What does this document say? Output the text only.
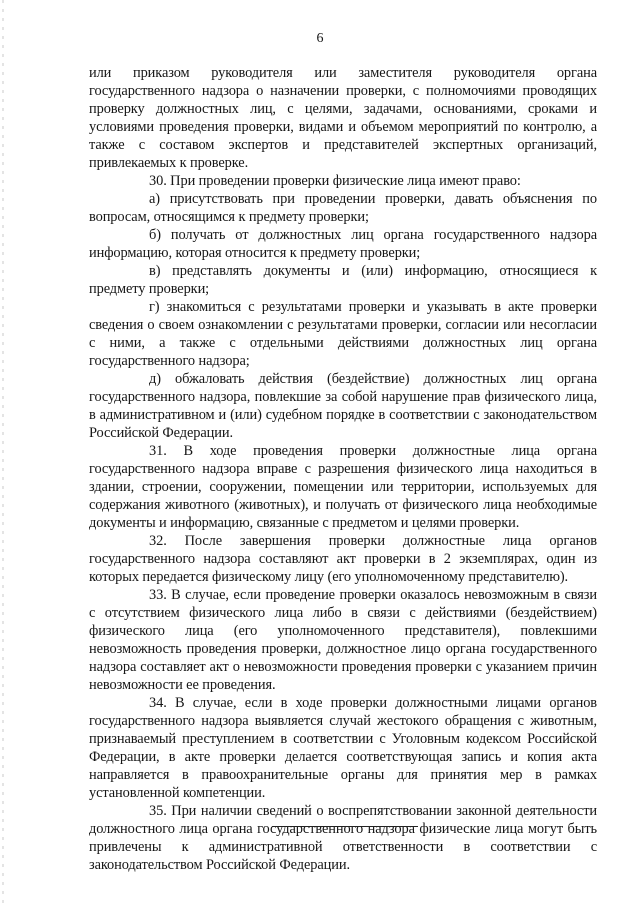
6

или приказом руководителя или заместителя руководителя органа государственного надзора о назначении проверки, с полномочиями проводящих проверку должностных лиц, с целями, задачами, основаниями, сроками и условиями проведения проверки, видами и объемом мероприятий по контролю, а также с составом экспертов и представителей экспертных организаций, привлекаемых к проверке.

30. При проведении проверки физические лица имеют право:

а) присутствовать при проведении проверки, давать объяснения по вопросам, относящимся к предмету проверки;

б) получать от должностных лиц органа государственного надзора информацию, которая относится к предмету проверки;

в) представлять документы и (или) информацию, относящиеся к предмету проверки;

г) знакомиться с результатами проверки и указывать в акте проверки сведения о своем ознакомлении с результатами проверки, согласии или несогласии с ними, а также с отдельными действиями должностных лиц органа государственного надзора;

д) обжаловать действия (бездействие) должностных лиц органа государственного надзора, повлекшие за собой нарушение прав физического лица, в административном и (или) судебном порядке в соответствии с законодательством Российской Федерации.

31. В ходе проведения проверки должностные лица органа государственного надзора вправе с разрешения физического лица находиться в здании, строении, сооружении, помещении или территории, используемых для содержания животного (животных), и получать от физического лица необходимые документы и информацию, связанные с предметом и целями проверки.

32. После завершения проверки должностные лица органов государственного надзора составляют акт проверки в 2 экземплярах, один из которых передается физическому лицу (его уполномоченному представителю).

33. В случае, если проведение проверки оказалось невозможным в связи с отсутствием физического лица либо в связи с действиями (бездействием) физического лица (его уполномоченного представителя), повлекшими невозможность проведения проверки, должностное лицо органа государственного надзора составляет акт о невозможности проведения проверки с указанием причин невозможности ее проведения.

34. В случае, если в ходе проверки должностными лицами органов государственного надзора выявляется случай жестокого обращения с животным, признаваемый преступлением в соответствии с Уголовным кодексом Российской Федерации, в акте проверки делается соответствующая запись и копия акта направляется в правоохранительные органы для принятия мер в рамках установленной компетенции.

35. При наличии сведений о воспрепятствовании законной деятельности должностного лица органа государственного надзора физические лица могут быть привлечены к административной ответственности в соответствии с законодательством Российской Федерации.
